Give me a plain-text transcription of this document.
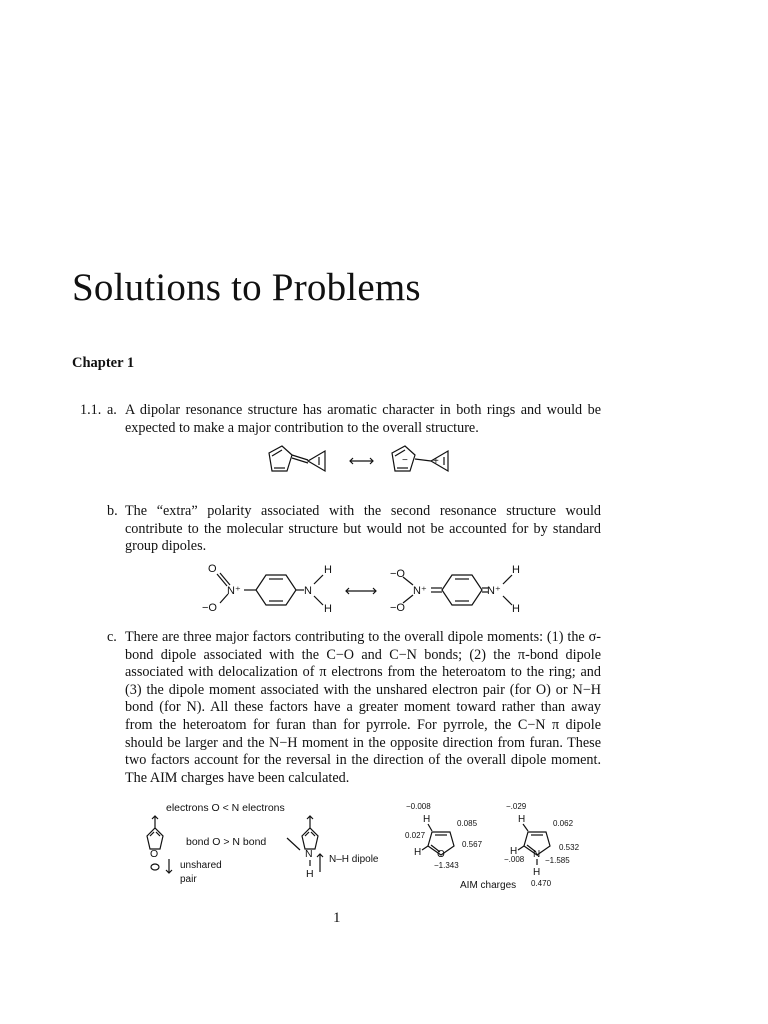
Solutions to Problems
Chapter 1
1.1. a. A dipolar resonance structure has aromatic character in both rings and would be expected to make a major contribution to the overall structure.
−	+
b. The “extra” polarity associated with the second resonance structure would contribute to the molecular structure but would not be accounted for by standard group dipoles.
O
−O
N⁺	N
H
H
−O
−O
N⁺	N⁺
H
H
c. There are three major factors contributing to the overall dipole moments: (1) the σ-bond dipole associated with the C−O and C−N bonds; (2) the π-bond dipole associated with delocalization of π electrons from the heteroatom to the ring; and (3) the dipole moment associated with the unshared electron pair (for O) or N−H bond (for N). All these factors have a greater moment toward rather than away from the heteroatom for furan than for pyrrole. For pyrrole, the C−N π dipole should be larger and the N−H moment in the opposite direction from furan. These two factors account for the reversal in the direction of the overall dipole moment. The AIM charges have been calculated.
electrons O < N electrons
O
unshared
pair
bond O > N bond
N
H
N–H dipole
−0.008
H	0.085
0.027
H O
0.567
−1.343
−.029
H	0.062
0.532
H
−.008 N
−1.585
H
AIM charges 0.470
1
